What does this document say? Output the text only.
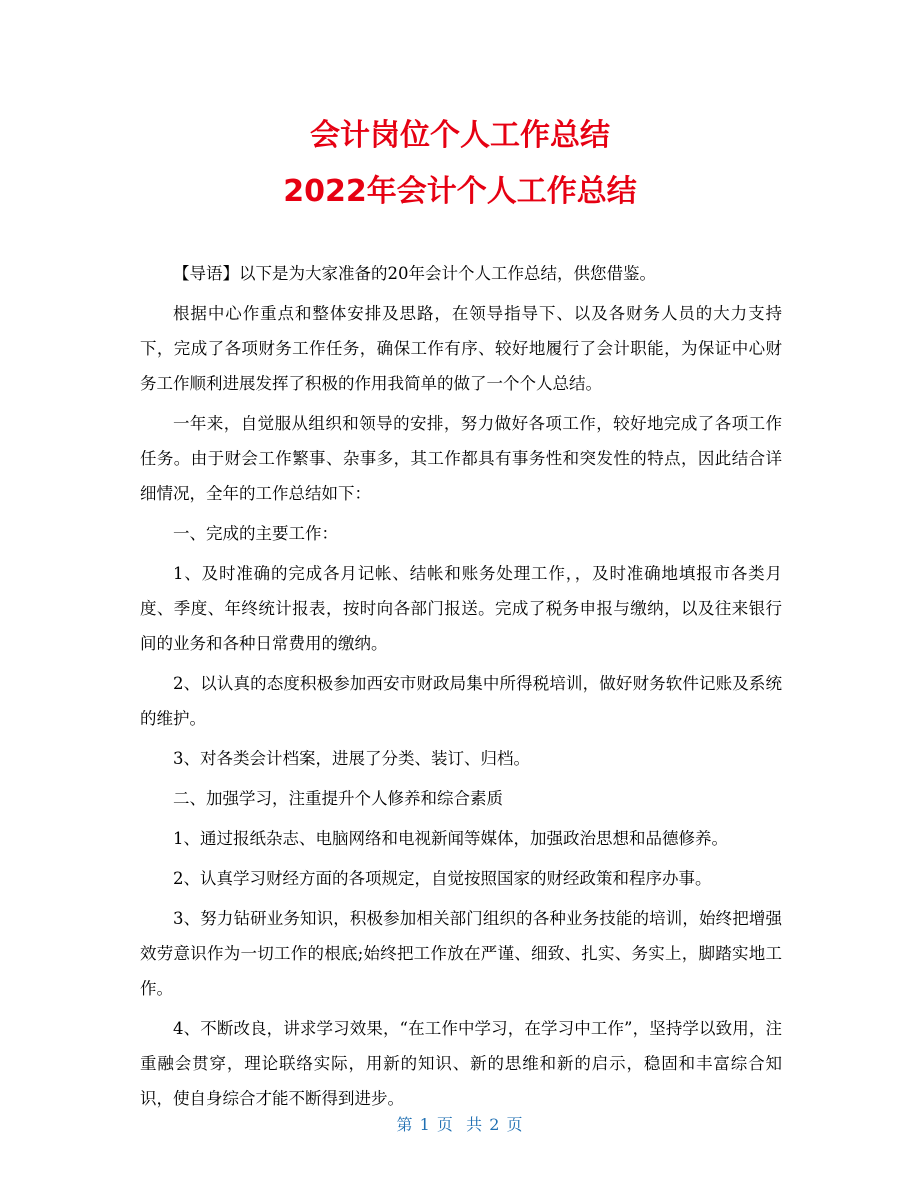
会计岗位个人工作总结
2022年会计个人工作总结

【导语】以下是为大家准备的20年会计个人工作总结，供您借鉴。

根据中心作重点和整体安排及思路，在领导指导下、以及各财务人员的大力支持下，完成了各项财务工作任务，确保工作有序、较好地履行了会计职能，为保证中心财务工作顺利进展发挥了积极的作用我简单的做了一个个人总结。

一年来，自觉服从组织和领导的安排，努力做好各项工作，较好地完成了各项工作任务。由于财会工作繁事、杂事多，其工作都具有事务性和突发性的特点，因此结合详细情况，全年的工作总结如下：

一、完成的主要工作：

1、及时准确的完成各月记帐、结帐和账务处理工作，，及时准确地填报市各类月度、季度、年终统计报表，按时向各部门报送。完成了税务申报与缴纳，以及往来银行间的业务和各种日常费用的缴纳。

2、以认真的态度积极参加西安市财政局集中所得税培训，做好财务软件记账及系统的维护。

3、对各类会计档案，进展了分类、装订、归档。

二、加强学习，注重提升个人修养和综合素质

1、通过报纸杂志、电脑网络和电视新闻等媒体，加强政治思想和品德修养。

2、认真学习财经方面的各项规定，自觉按照国家的财经政策和程序办事。

3、努力钻研业务知识，积极参加相关部门组织的各种业务技能的培训，始终把增强效劳意识作为一切工作的根底;始终把工作放在严谨、细致、扎实、务实上，脚踏实地工作。

4、不断改良，讲求学习效果，“在工作中学习，在学习中工作”，坚持学以致用，注重融会贯穿，理论联络实际，用新的知识、新的思维和新的启示，稳固和丰富综合知识，使自身综合才能不断得到进步。

第 1 页  共 2 页
